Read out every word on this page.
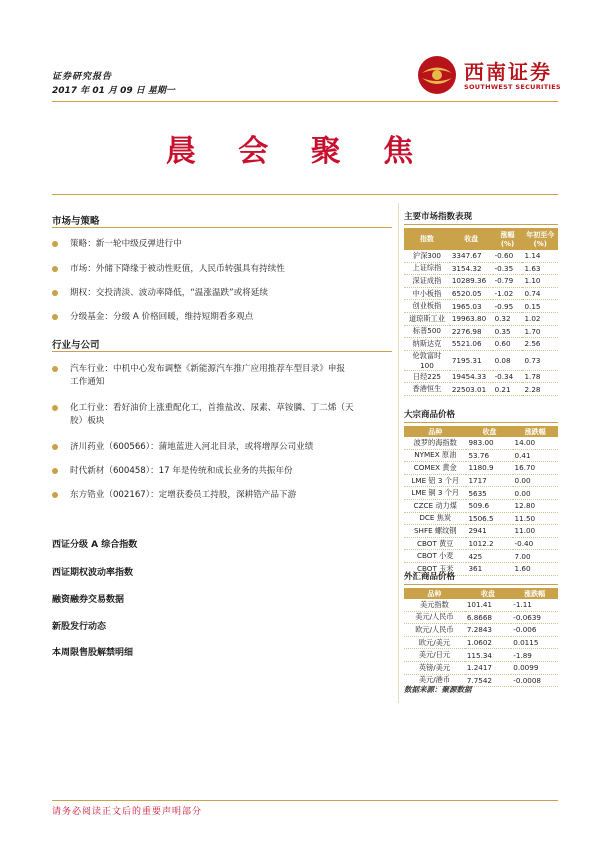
证券研究报告
2017 年 01 月 09 日 星期一
西南证券
SOUTHWEST SECURITIES
晨 会 聚 焦
市场与策略
策略：新一轮中级反弹进行中
市场：外储下降缘于被动性贬值，人民币转强具有持续性
期权：交投清淡、波动率降低，“温涨温跌”或将延续
分级基金：分级 A 价格回暖，维持短期看多观点
行业与公司
汽车行业：中机中心发布调整《新能源汽车推广应用推荐车型目录》申报
工作通知
化工行业：看好油价上涨重配化工，首推盐改、尿素、草铵膦、丁二烯（天
胶）板块
济川药业（600566）：蒲地蓝进入河北目录，或将增厚公司业绩
时代新材（600458）：17 年是传统和成长业务的共振年份
东方锆业（002167）：定增获委员工持股，深耕锆产品下游
西证分级 A 综合指数
西证期权波动率指数
融资融券交易数据
新股发行动态
本周限售股解禁明细
主要市场指数表现
指数	收盘	涨幅(%)	年初至今(%)
沪深300	3347.67	-0.60	1.14
上证综指	3154.32	-0.35	1.63
深证成指	10289.36	-0.79	1.10
中小板指	6520.05	-1.02	0.74
创业板指	1965.03	-0.95	0.15
道琼斯工业	19963.80	0.32	1.02
标普500	2276.98	0.35	1.70
纳斯达克	5521.06	0.60	2.56
伦敦富时 100	7195.31	0.08	0.73
日经225	19454.33	-0.34	1.78
香港恒生	22503.01	0.21	2.28
大宗商品价格
品种	收盘	涨跌幅
波罗的海指数	983.00	14.00
NYMEX 原油	53.76	0.41
COMEX 黄金	1180.9	16.70
LME 铝 3 个月	1717	0.00
LME 铜 3 个月	5635	0.00
CZCE 动力煤	509.6	12.80
DCE 焦炭	1506.5	11.50
SHFE 螺纹钢	2941	11.00
CBOT 黄豆	1012.2	-0.40
CBOT 小麦	425	7.00
CBOT 玉米	361	1.60
外汇商品价格
品种	收盘	涨跌幅
美元指数	101.41	-1.11
美元/人民币	6.8668	-0.0639
欧元/人民币	7.2843	-0.006
欧元/美元	1.0602	0.0115
美元/日元	115.34	-1.89
英镑/美元	1.2417	0.0099
美元/港币	7.7542	-0.0008
数据来源：聚源数据
请务必阅读正文后的重要声明部分
